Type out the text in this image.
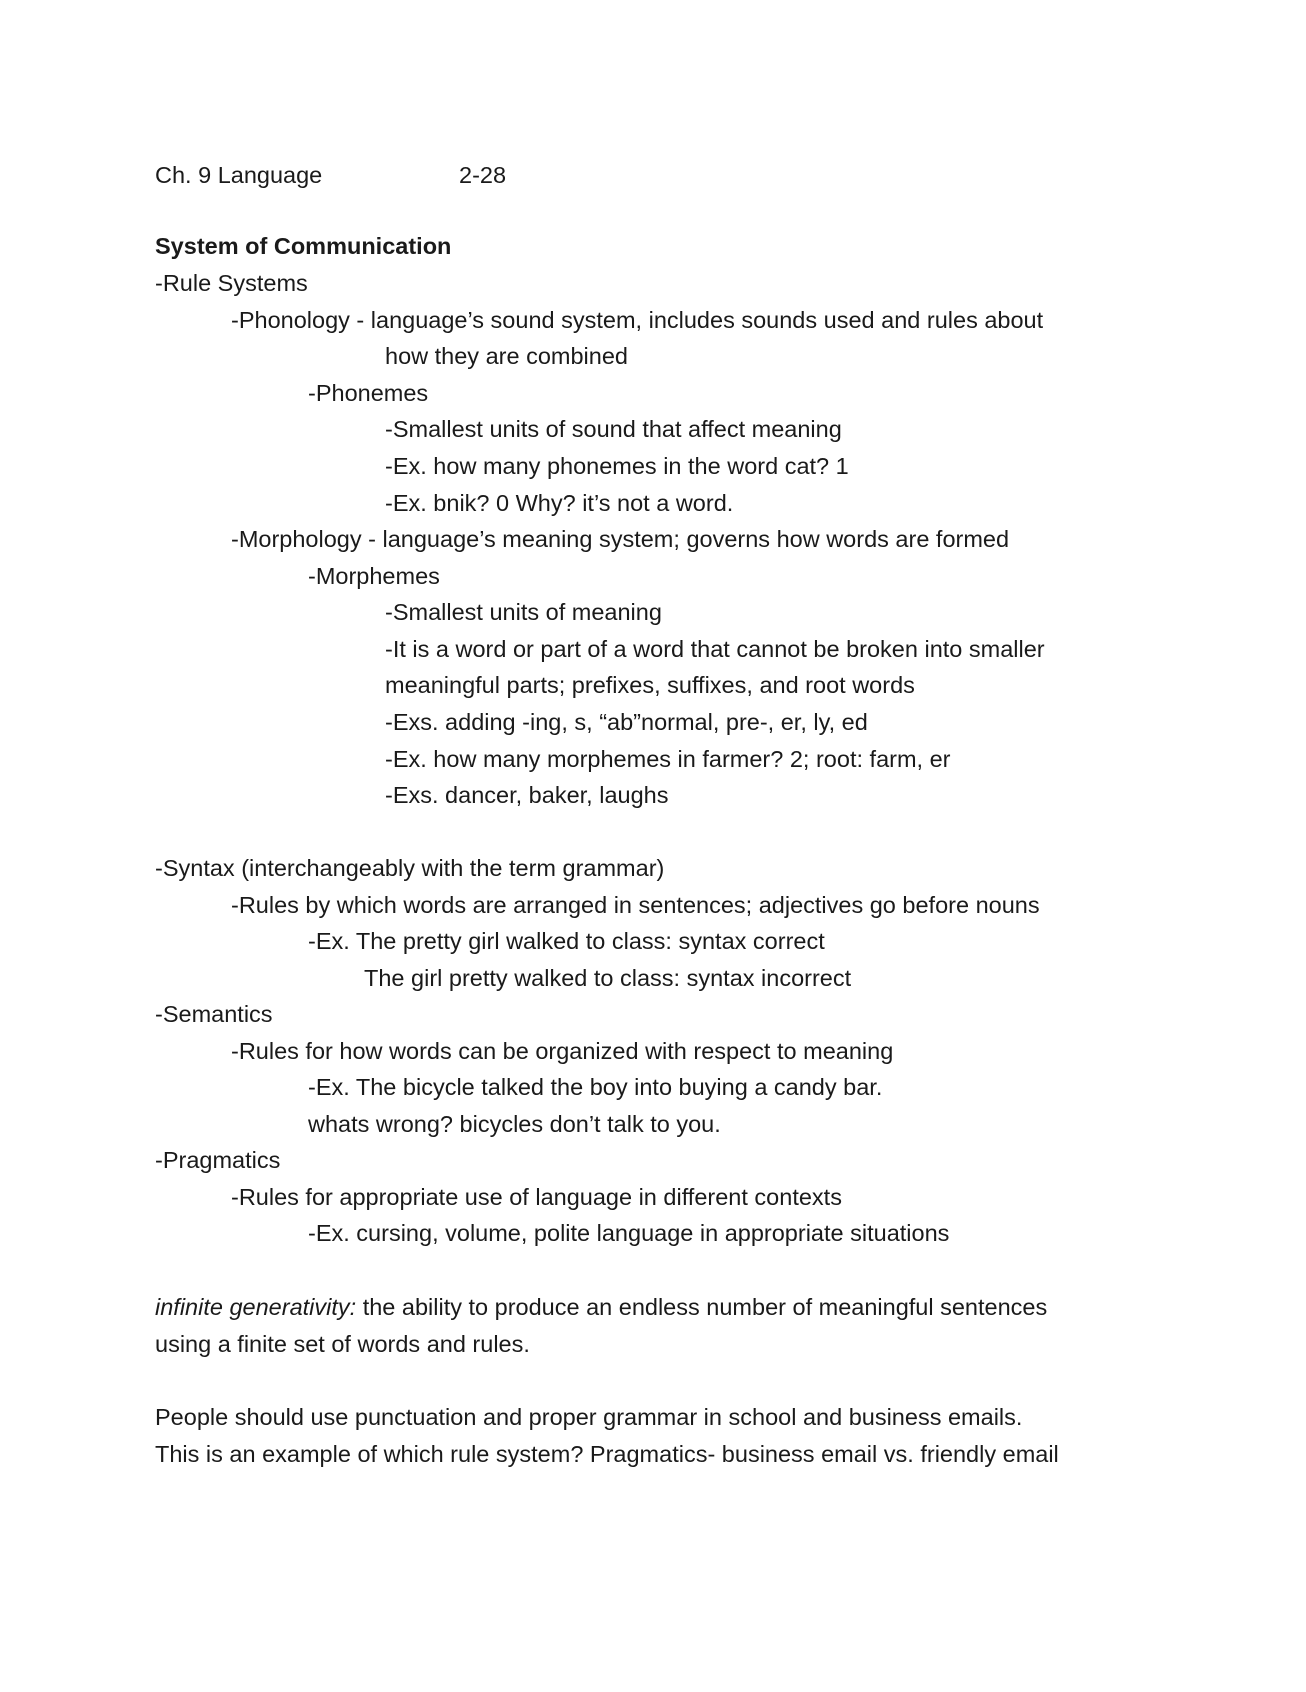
Ch. 9 Language	2-28
System of Communication
-Rule Systems
-Phonology - language’s sound system, includes sounds used and rules about
how they are combined
-Phonemes
-Smallest units of sound that affect meaning
-Ex. how many phonemes in the word cat? 1
-Ex. bnik? 0 Why? it’s not a word.
-Morphology - language’s meaning system; governs how words are formed
-Morphemes
-Smallest units of meaning
-It is a word or part of a word that cannot be broken into smaller
meaningful parts; prefixes, suffixes, and root words
-Exs. adding -ing, s, “ab”normal, pre-, er, ly, ed
-Ex. how many morphemes in farmer? 2; root: farm, er
-Exs. dancer, baker, laughs
-Syntax (interchangeably with the term grammar)
-Rules by which words are arranged in sentences; adjectives go before nouns
-Ex. The pretty girl walked to class: syntax correct
The girl pretty walked to class: syntax incorrect
-Semantics
-Rules for how words can be organized with respect to meaning
-Ex. The bicycle talked the boy into buying a candy bar.
whats wrong? bicycles don’t talk to you.
-Pragmatics
-Rules for appropriate use of language in different contexts
-Ex. cursing, volume, polite language in appropriate situations
infinite generativity: the ability to produce an endless number of meaningful sentences
using a finite set of words and rules.
People should use punctuation and proper grammar in school and business emails.
This is an example of which rule system? Pragmatics- business email vs. friendly email
